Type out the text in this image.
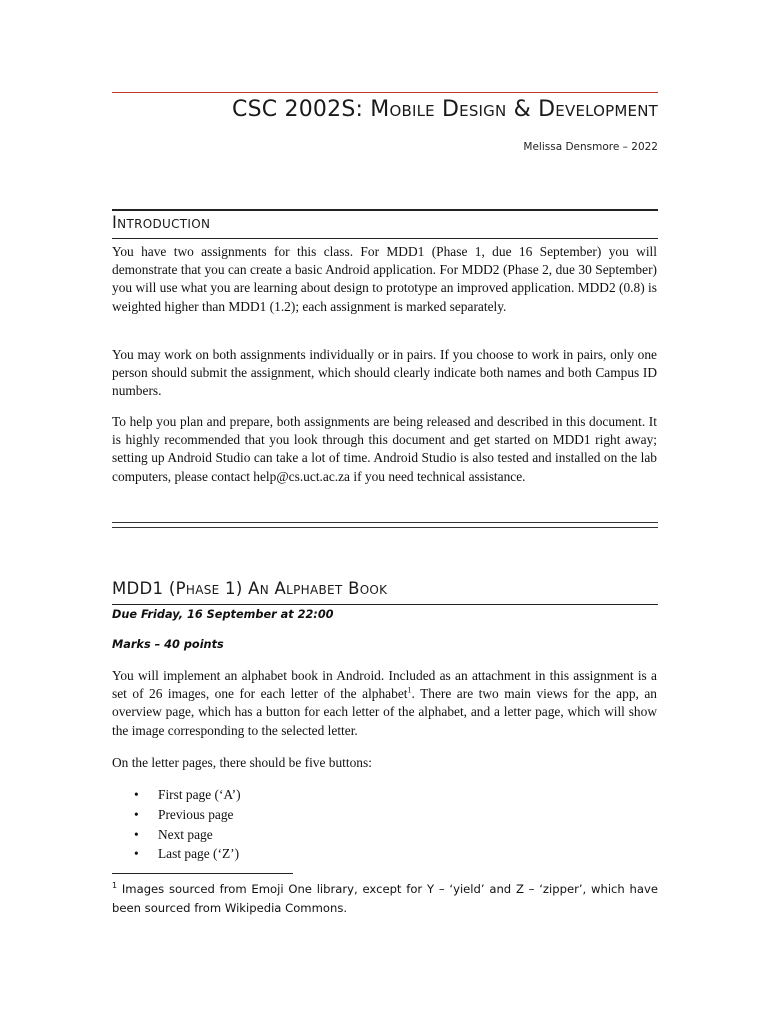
CSC 2002S: Mobile Design & Development
Melissa Densmore – 2022
Introduction
You have two assignments for this class. For MDD1 (Phase 1, due 16 September) you will demonstrate that you can create a basic Android application. For MDD2 (Phase 2, due 30 September) you will use what you are learning about design to prototype an improved application. MDD2 (0.8) is weighted higher than MDD1 (1.2); each assignment is marked separately.
You may work on both assignments individually or in pairs. If you choose to work in pairs, only one person should submit the assignment, which should clearly indicate both names and both Campus ID numbers.
To help you plan and prepare, both assignments are being released and described in this document. It is highly recommended that you look through this document and get started on MDD1 right away; setting up Android Studio can take a lot of time. Android Studio is also tested and installed on the lab computers, please contact help@cs.uct.ac.za if you need technical assistance.
MDD1 (Phase 1) An Alphabet Book
Due Friday, 16 September at 22:00
Marks – 40 points
You will implement an alphabet book in Android. Included as an attachment in this assignment is a set of 26 images, one for each letter of the alphabet$^1$. There are two main views for the app, an overview page, which has a button for each letter of the alphabet, and a letter page, which will show the image corresponding to the selected letter.
On the letter pages, there should be five buttons:
• First page (‘A’)
• Previous page
• Next page
• Last page (‘Z’)
$^1$ Images sourced from Emoji One library, except for Y – ‘yield’ and Z – ‘zipper’, which have been sourced from Wikipedia Commons.
